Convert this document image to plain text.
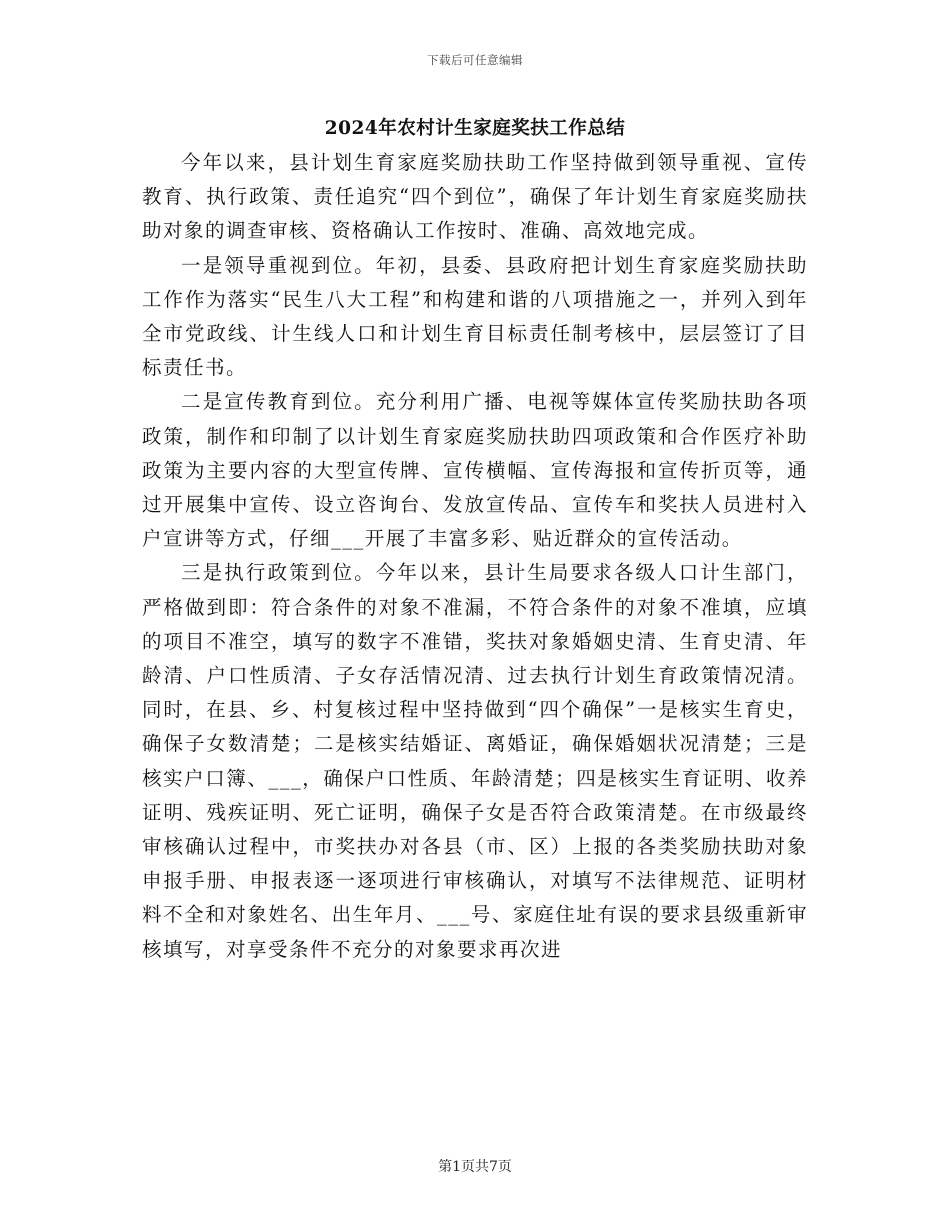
下载后可任意编辑
2024年农村计生家庭奖扶工作总结

今年以来，县计划生育家庭奖励扶助工作坚持做到领导重视、宣传教育、执行政策、责任追究“四个到位”，确保了年计划生育家庭奖励扶助对象的调查审核、资格确认工作按时、准确、高效地完成。

一是领导重视到位。年初，县委、县政府把计划生育家庭奖励扶助工作作为落实“民生八大工程”和构建和谐的八项措施之一，并列入到年全市党政线、计生线人口和计划生育目标责任制考核中，层层签订了目标责任书。

二是宣传教育到位。充分利用广播、电视等媒体宣传奖励扶助各项政策，制作和印制了以计划生育家庭奖励扶助四项政策和合作医疗补助政策为主要内容的大型宣传牌、宣传横幅、宣传海报和宣传折页等，通过开展集中宣传、设立咨询台、发放宣传品、宣传车和奖扶人员进村入户宣讲等方式，仔细___开展了丰富多彩、贴近群众的宣传活动。

三是执行政策到位。今年以来，县计生局要求各级人口计生部门，严格做到即：符合条件的对象不准漏，不符合条件的对象不准填，应填的项目不准空，填写的数字不准错，奖扶对象婚姻史清、生育史清、年龄清、户口性质清、子女存活情况清、过去执行计划生育政策情况清。同时，在县、乡、村复核过程中坚持做到“四个确保”一是核实生育史，确保子女数清楚；二是核实结婚证、离婚证，确保婚姻状况清楚；三是核实户口簿、___，确保户口性质、年龄清楚；四是核实生育证明、收养证明、残疾证明、死亡证明，确保子女是否符合政策清楚。在市级最终审核确认过程中，市奖扶办对各县（市、区）上报的各类奖励扶助对象申报手册、申报表逐一逐项进行审核确认，对填写不法律规范、证明材料不全和对象姓名、出生年月、___号、家庭住址有误的要求县级重新审核填写，对享受条件不充分的对象要求再次进

第1页共7页
